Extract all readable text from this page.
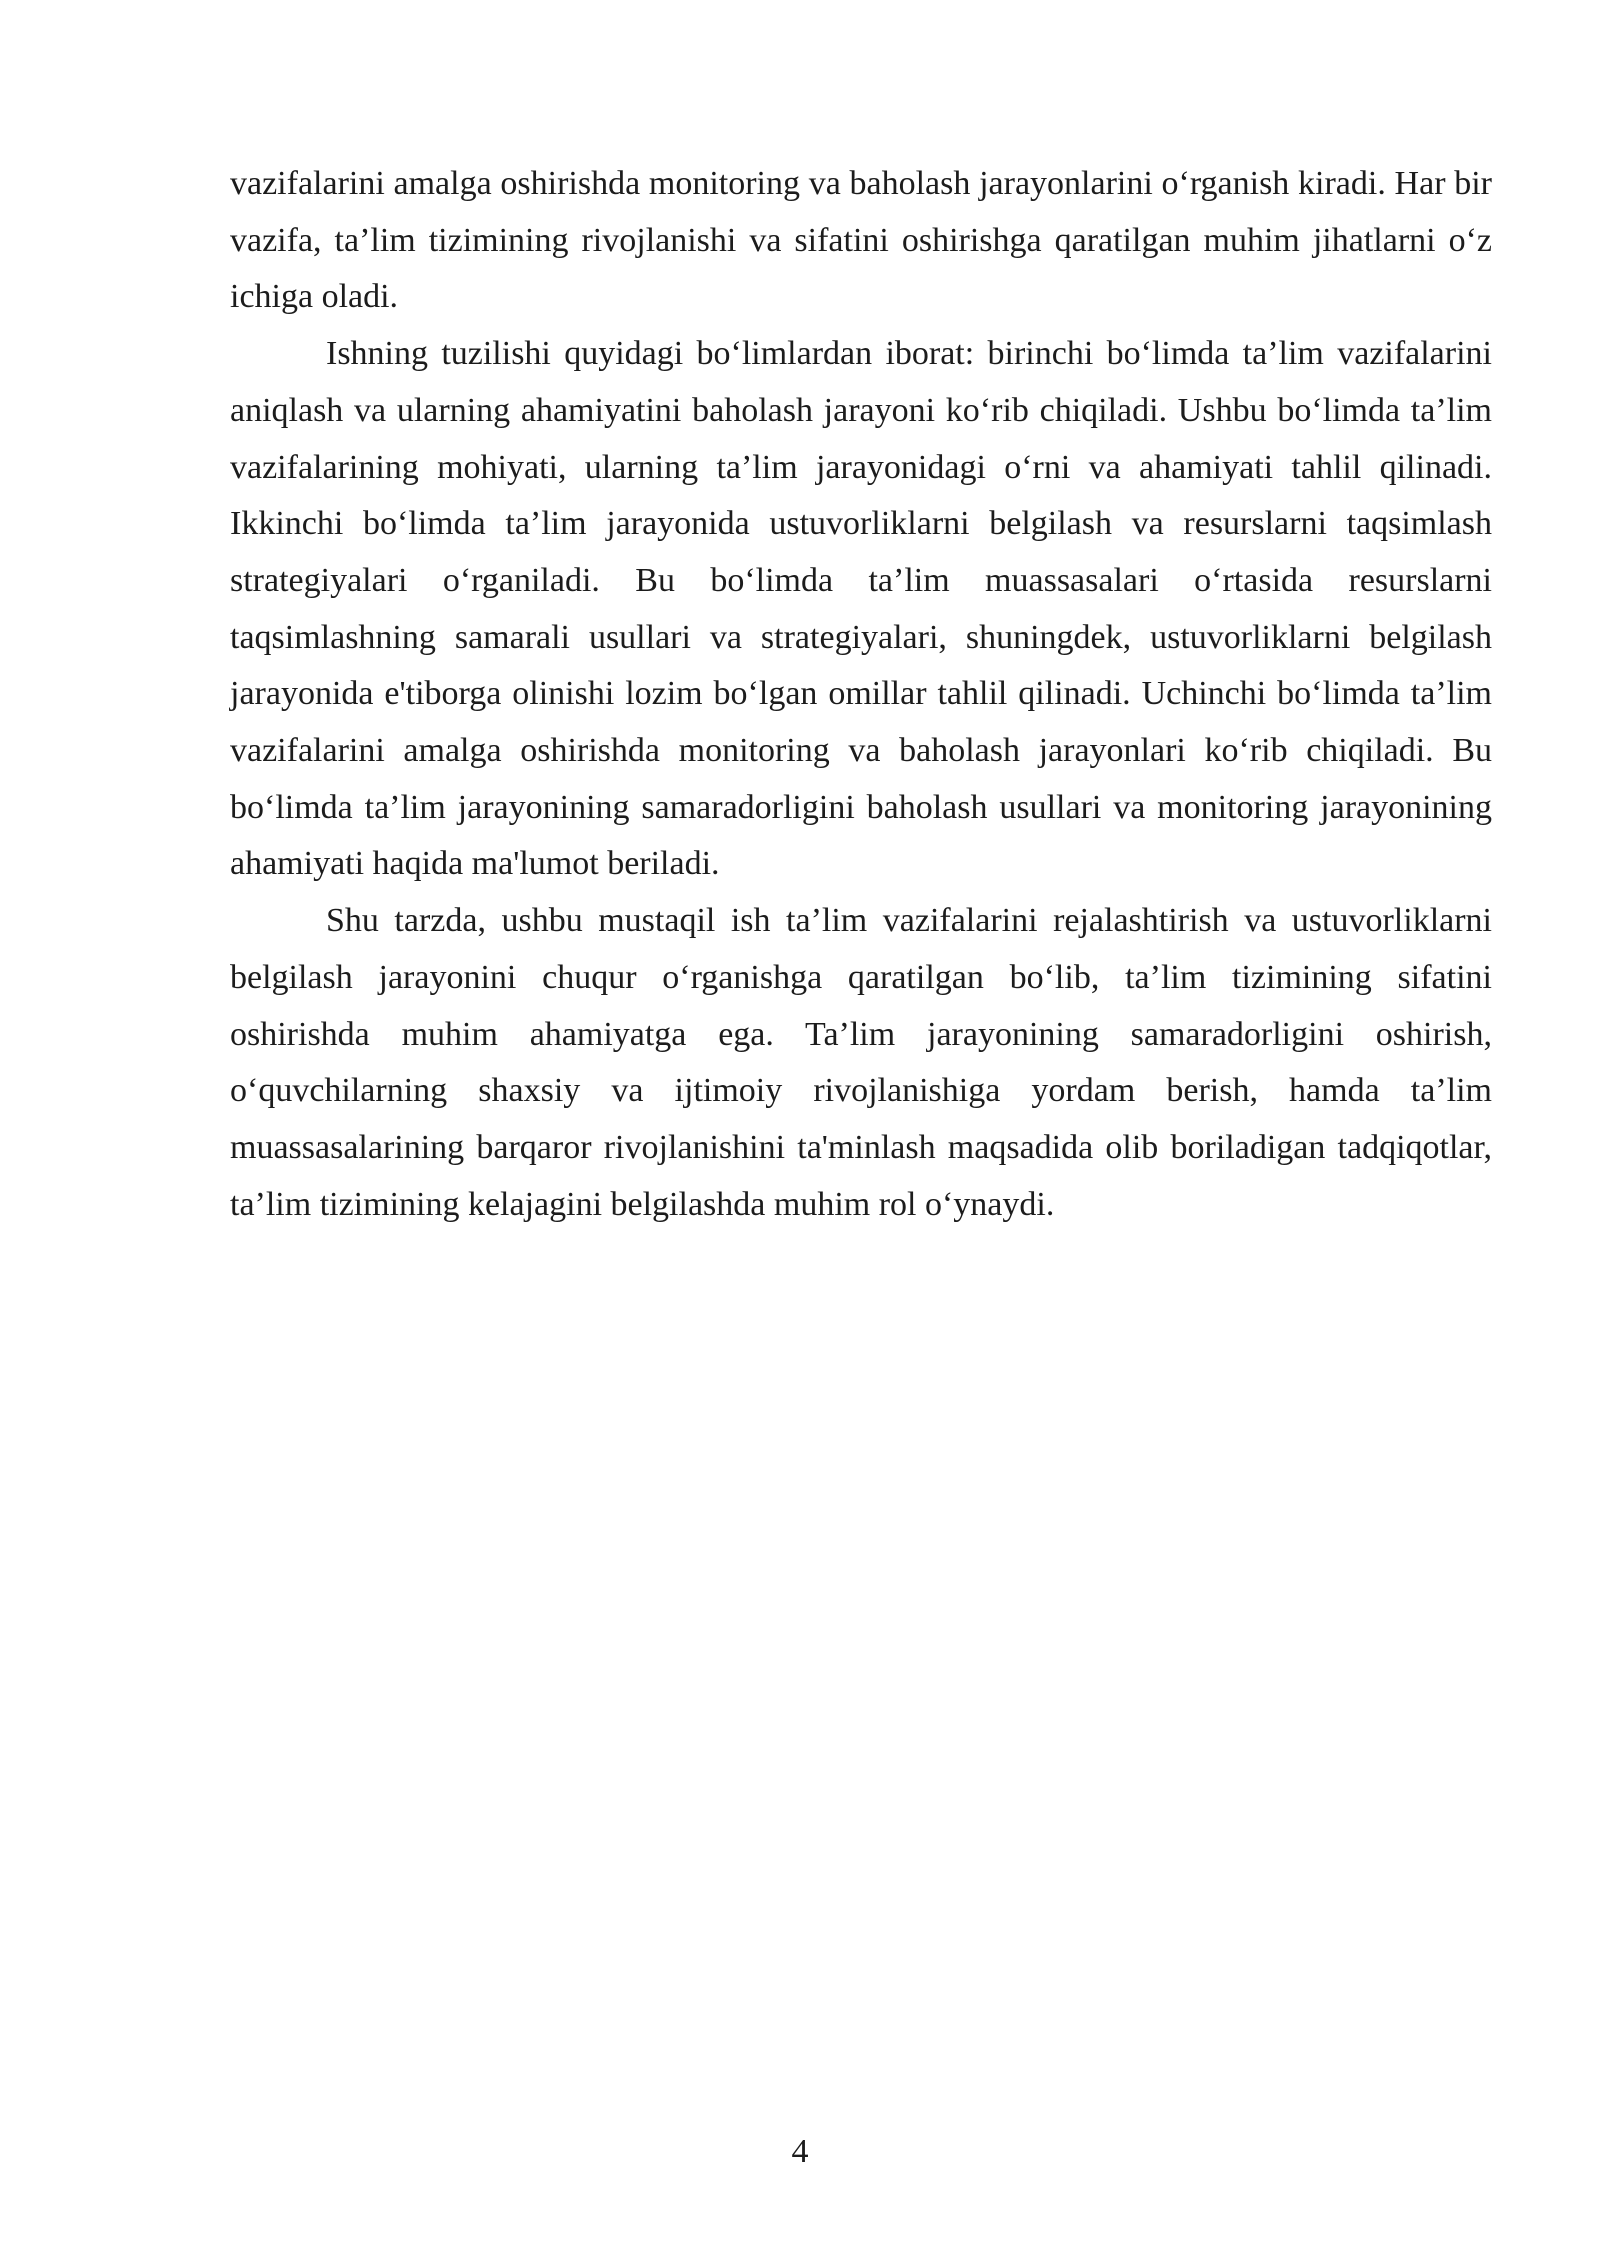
vazifalarini amalga oshirishda monitoring va baholash jarayonlarini o‘rganish kiradi. Har bir vazifa, ta’lim tizimining rivojlanishi va sifatini oshirishga qaratilgan muhim jihatlarni o‘z ichiga oladi.

Ishning tuzilishi quyidagi bo‘limlardan iborat: birinchi bo‘limda ta’lim vazifalarini aniqlash va ularning ahamiyatini baholash jarayoni ko‘rib chiqiladi. Ushbu bo‘limda ta’lim vazifalarining mohiyati, ularning ta’lim jarayonidagi o‘rni va ahamiyati tahlil qilinadi. Ikkinchi bo‘limda ta’lim jarayonida ustuvorliklarni belgilash va resurslarni taqsimlash strategiyalari o‘rganiladi. Bu bo‘limda ta’lim muassasalari o‘rtasida resurslarni taqsimlashning samarali usullari va strategiyalari, shuningdek, ustuvorliklarni belgilash jarayonida e'tiborga olinishi lozim bo‘lgan omillar tahlil qilinadi. Uchinchi bo‘limda ta’lim vazifalarini amalga oshirishda monitoring va baholash jarayonlari ko‘rib chiqiladi. Bu bo‘limda ta’lim jarayonining samaradorligini baholash usullari va monitoring jarayonining ahamiyati haqida ma'lumot beriladi.

Shu tarzda, ushbu mustaqil ish ta’lim vazifalarini rejalashtirish va ustuvorliklarni belgilash jarayonini chuqur o‘rganishga qaratilgan bo‘lib, ta’lim tizimining sifatini oshirishda muhim ahamiyatga ega. Ta’lim jarayonining samaradorligini oshirish, o‘quvchilarning shaxsiy va ijtimoiy rivojlanishiga yordam berish, hamda ta’lim muassasalarining barqaror rivojlanishini ta'minlash maqsadida olib boriladigan tadqiqotlar, ta’lim tizimining kelajagini belgilashda muhim rol o‘ynaydi.

4
